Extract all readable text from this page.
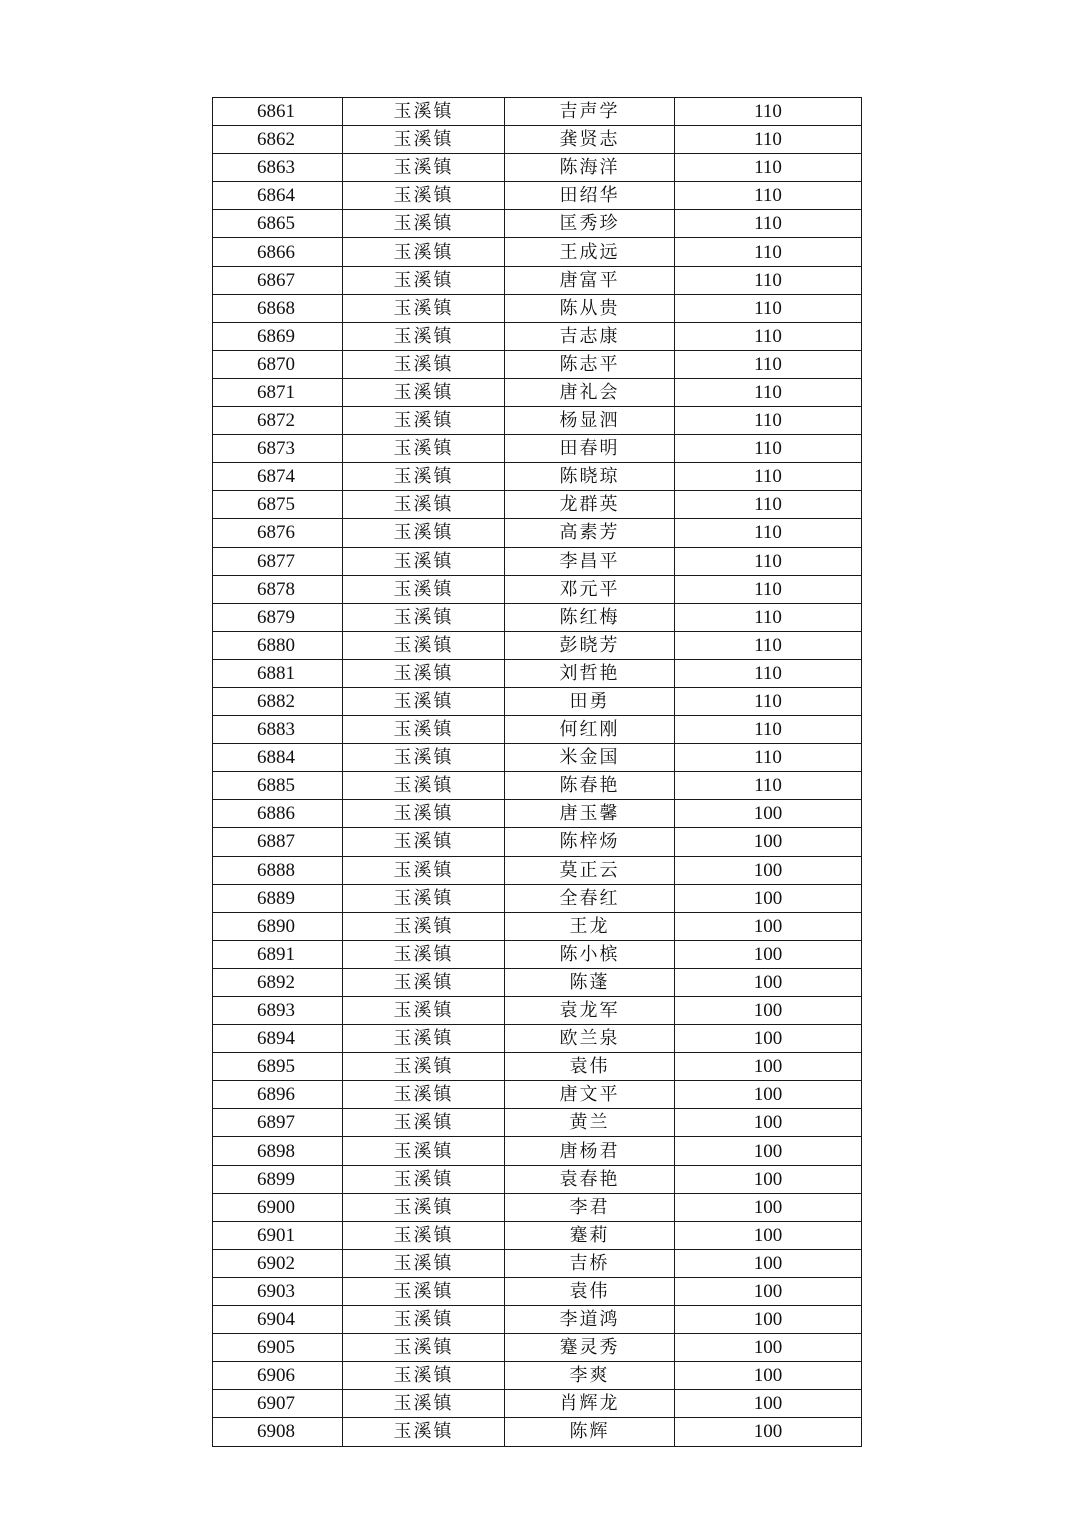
6861	玉溪镇	吉声学	110
6862	玉溪镇	龚贤志	110
6863	玉溪镇	陈海洋	110
6864	玉溪镇	田绍华	110
6865	玉溪镇	匡秀珍	110
6866	玉溪镇	王成远	110
6867	玉溪镇	唐富平	110
6868	玉溪镇	陈从贵	110
6869	玉溪镇	吉志康	110
6870	玉溪镇	陈志平	110
6871	玉溪镇	唐礼会	110
6872	玉溪镇	杨显泗	110
6873	玉溪镇	田春明	110
6874	玉溪镇	陈晓琼	110
6875	玉溪镇	龙群英	110
6876	玉溪镇	高素芳	110
6877	玉溪镇	李昌平	110
6878	玉溪镇	邓元平	110
6879	玉溪镇	陈红梅	110
6880	玉溪镇	彭晓芳	110
6881	玉溪镇	刘哲艳	110
6882	玉溪镇	田勇	110
6883	玉溪镇	何红刚	110
6884	玉溪镇	米金国	110
6885	玉溪镇	陈春艳	110
6886	玉溪镇	唐玉馨	100
6887	玉溪镇	陈梓炀	100
6888	玉溪镇	莫正云	100
6889	玉溪镇	全春红	100
6890	玉溪镇	王龙	100
6891	玉溪镇	陈小槟	100
6892	玉溪镇	陈蓬	100
6893	玉溪镇	袁龙军	100
6894	玉溪镇	欧兰泉	100
6895	玉溪镇	袁伟	100
6896	玉溪镇	唐文平	100
6897	玉溪镇	黄兰	100
6898	玉溪镇	唐杨君	100
6899	玉溪镇	袁春艳	100
6900	玉溪镇	李君	100
6901	玉溪镇	蹇莉	100
6902	玉溪镇	吉桥	100
6903	玉溪镇	袁伟	100
6904	玉溪镇	李道鸿	100
6905	玉溪镇	蹇灵秀	100
6906	玉溪镇	李爽	100
6907	玉溪镇	肖辉龙	100
6908	玉溪镇	陈辉	100
